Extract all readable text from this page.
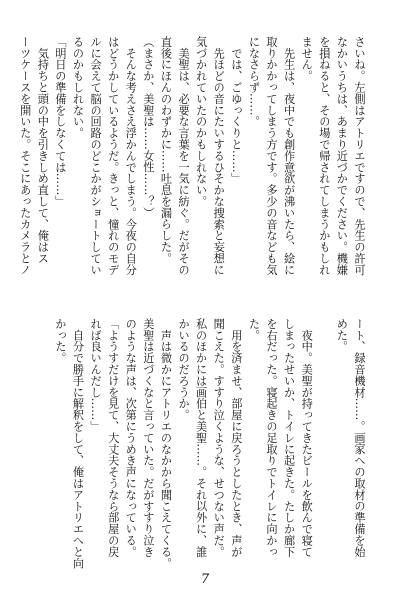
さいね。左側はアトリエですので、先生の許可
なかいうちは、あまり近づかでください。機嫌
を損ねると、その場で帰されてしまうかもしれ
ません。
　先生は、夜中でも創作意欲が沸いたら、絵に
取りかかってしまう方です。多少の音なども気
になさらず……。
　では、ごゆっくりと……」
　先ほどの音にたいするひそかな捜索と妄想に
気づかれていたのかもしれない。
　美聖は、必要な言葉を一気に紡ぐ。だがその
直後にほんのわずかに……吐息を漏らした。
（まさか、美聖は……女性……？）
　そんな考えさえ浮かんでしまう。今夜の自分
はどうかしているようだ。きっと、憧れのモデ
ルに会えて脳の回路のどこかがショートしてい
るのかもしれない。
「明日の準備をしなくては……」
　気持ちと頭の中を引きしめ直して、俺はス
ーツケースを開いた。そこにあったカメラとノ
ート、録音機材……。画家への取材の準備を始
めた。

　夜中。美聖が持ってきたビールを飲んで寝て
しまったせいか、トイレに起きた。たしか廊下
を右だった。寝起きの足取りでトイレに向かっ
た。
　用を済ませ、部屋に戻ろうとしたとき、声が
聞こえた。すすり泣くような、せつない声だ。
私のほかには画伯と美聖……。それ以外に、誰
かいるのだろうか。
　声は微かにアトリエのなかから聞こえてくる。
美聖は近づくなと言っていた。だがすすり泣き
のような声は、次第にうめき声になっている。
「ようすだけを見て、大丈夫そうなら部屋の戻
れば良いんだし……」
　自分で勝手に解釈をして、俺はアトリエへと向
かった。
7
